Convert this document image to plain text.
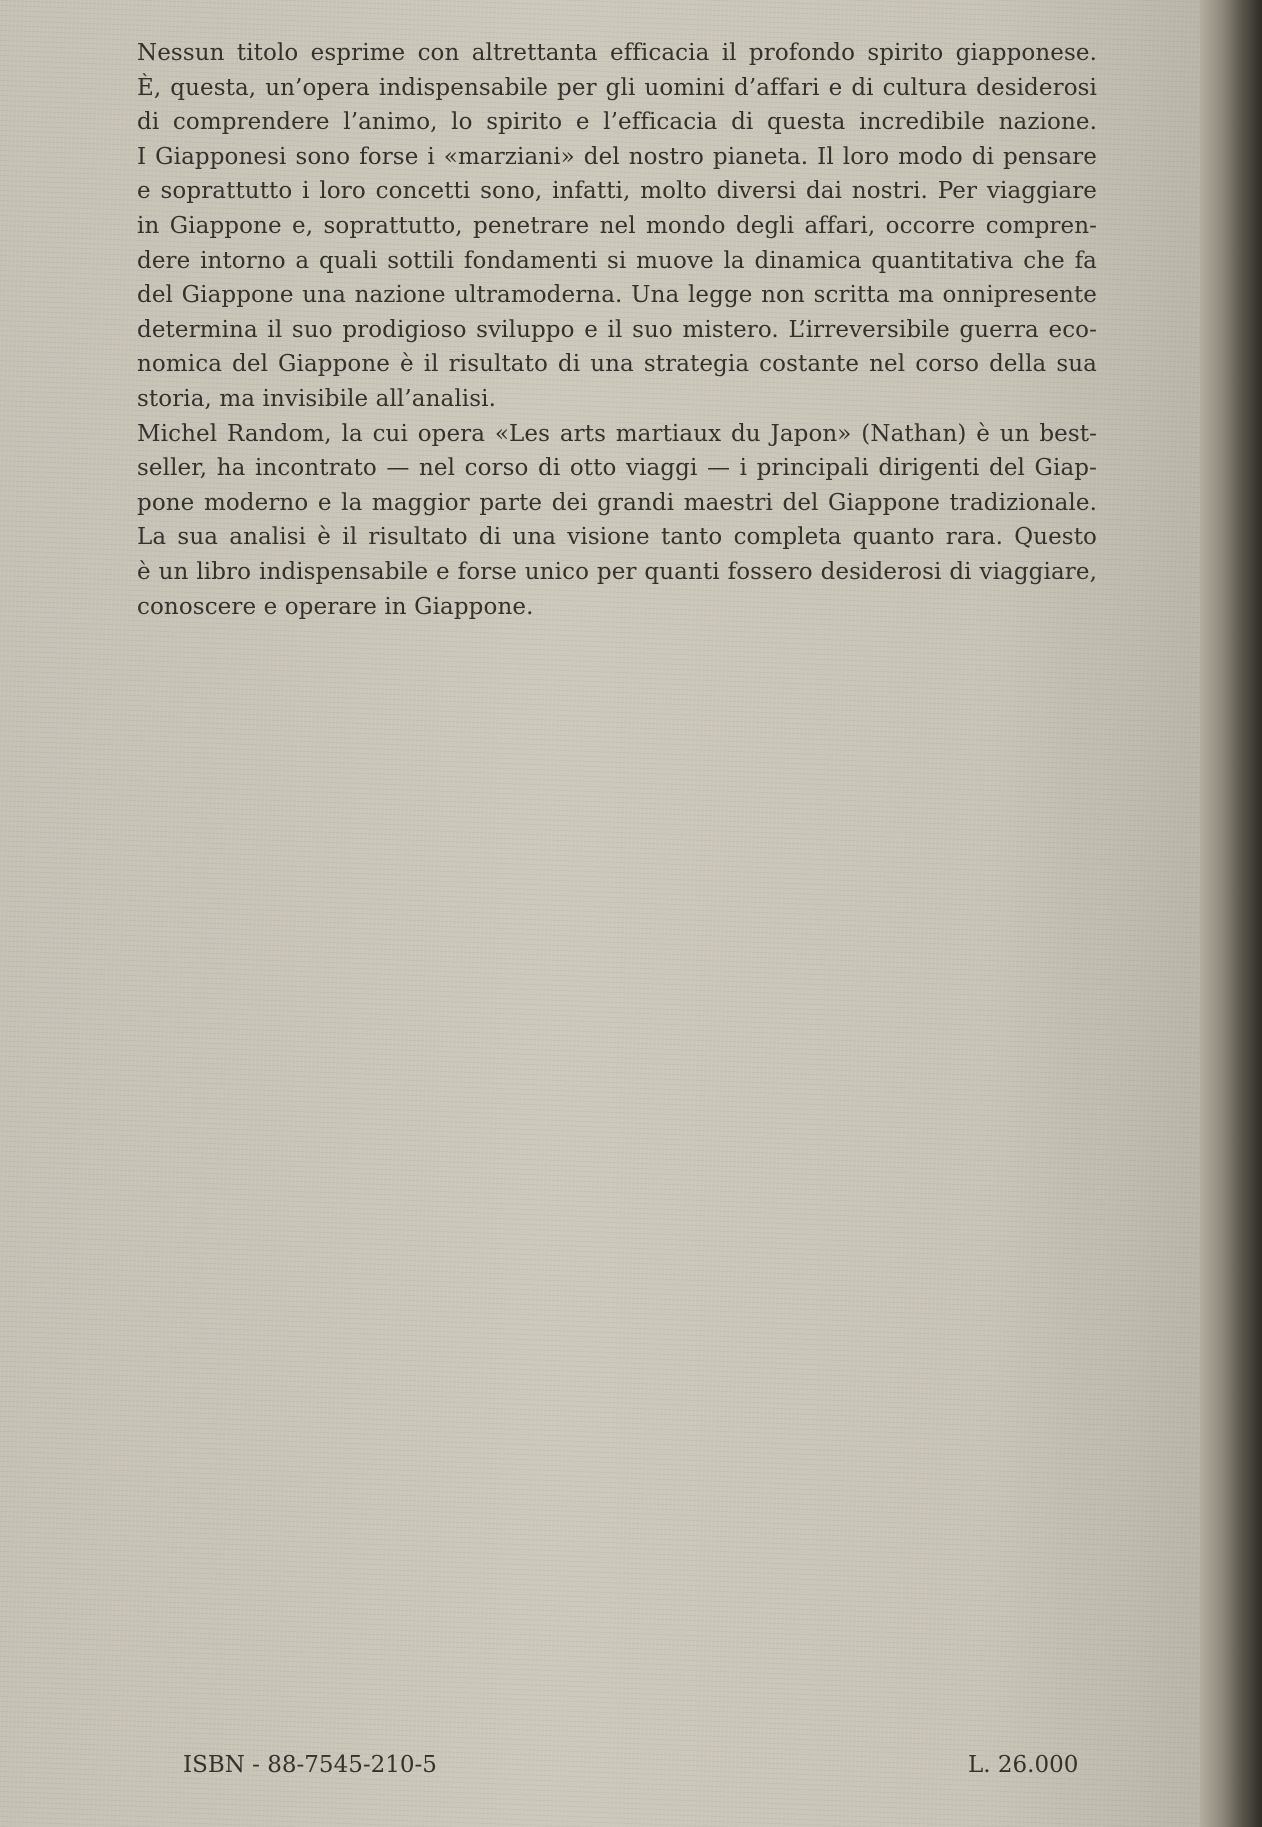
Nessun titolo esprime con altrettanta efficacia il profondo spirito giapponese.
È, questa, un’opera indispensabile per gli uomini d’affari e di cultura desiderosi
di comprendere l’animo, lo spirito e l’efficacia di questa incredibile nazione.
I Giapponesi sono forse i «marziani» del nostro pianeta. Il loro modo di pensare
e soprattutto i loro concetti sono, infatti, molto diversi dai nostri. Per viaggiare
in Giappone e, soprattutto, penetrare nel mondo degli affari, occorre compren-
dere intorno a quali sottili fondamenti si muove la dinamica quantitativa che fa
del Giappone una nazione ultramoderna. Una legge non scritta ma onnipresente
determina il suo prodigioso sviluppo e il suo mistero. L’irreversibile guerra eco-
nomica del Giappone è il risultato di una strategia costante nel corso della sua
storia, ma invisibile all’analisi.
Michel Random, la cui opera «Les arts martiaux du Japon» (Nathan) è un best-
seller, ha incontrato — nel corso di otto viaggi — i principali dirigenti del Giap-
pone moderno e la maggior parte dei grandi maestri del Giappone tradizionale.
La sua analisi è il risultato di una visione tanto completa quanto rara. Questo
è un libro indispensabile e forse unico per quanti fossero desiderosi di viaggiare,
conoscere e operare in Giappone.

ISBN - 88-7545-210-5	L. 26.000
